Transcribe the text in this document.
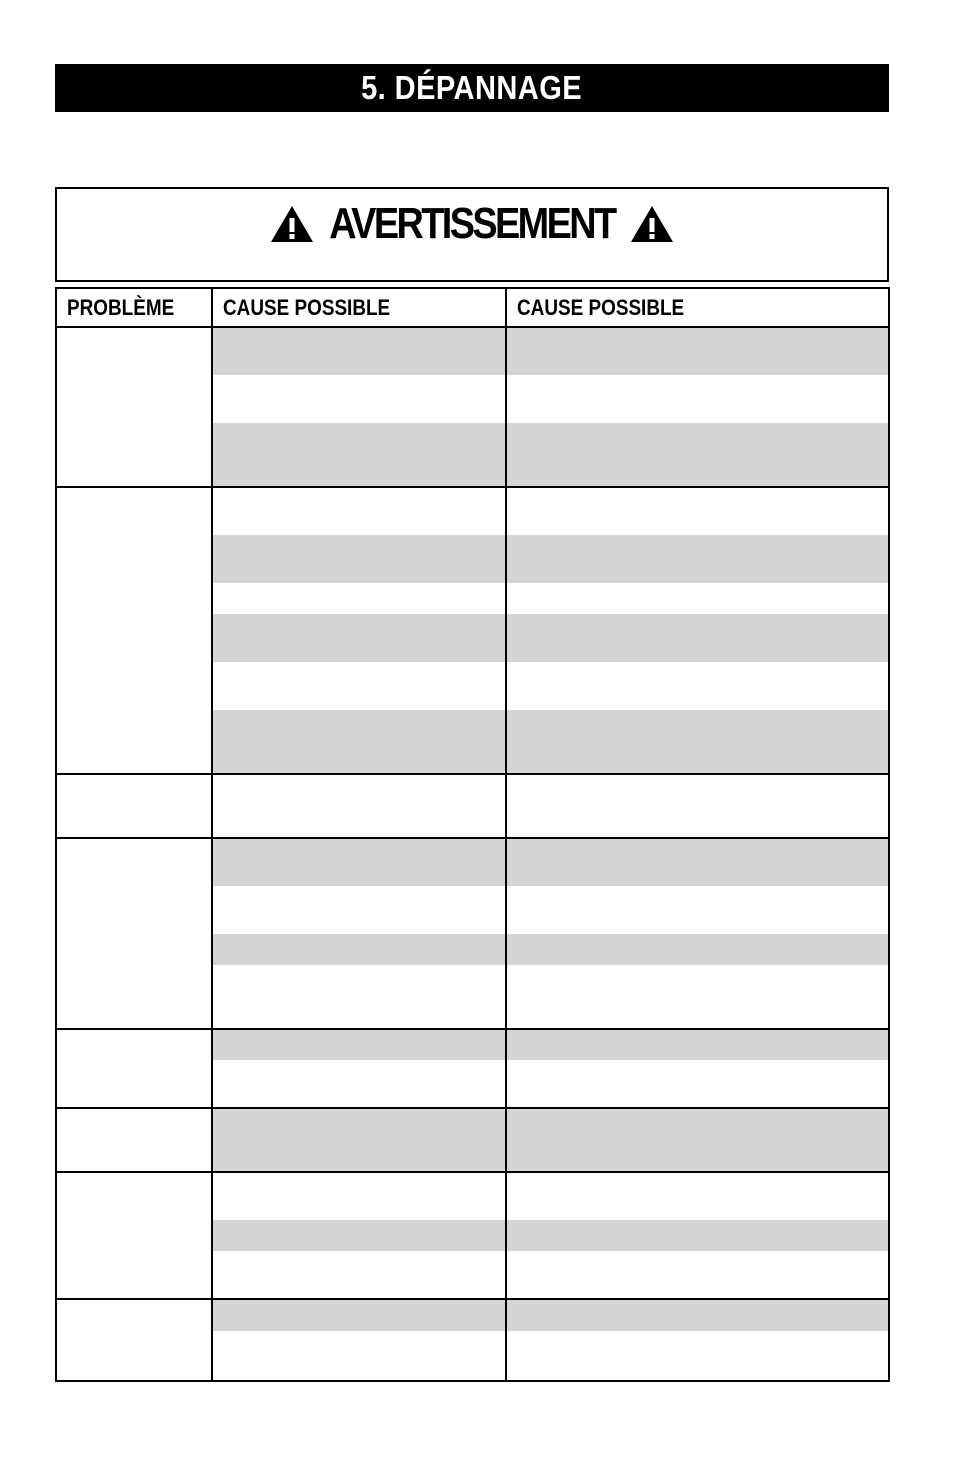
5. DÉPANNAGE
AVERTISSEMENT
PROBLÈME	CAUSE POSSIBLE	CAUSE POSSIBLE
